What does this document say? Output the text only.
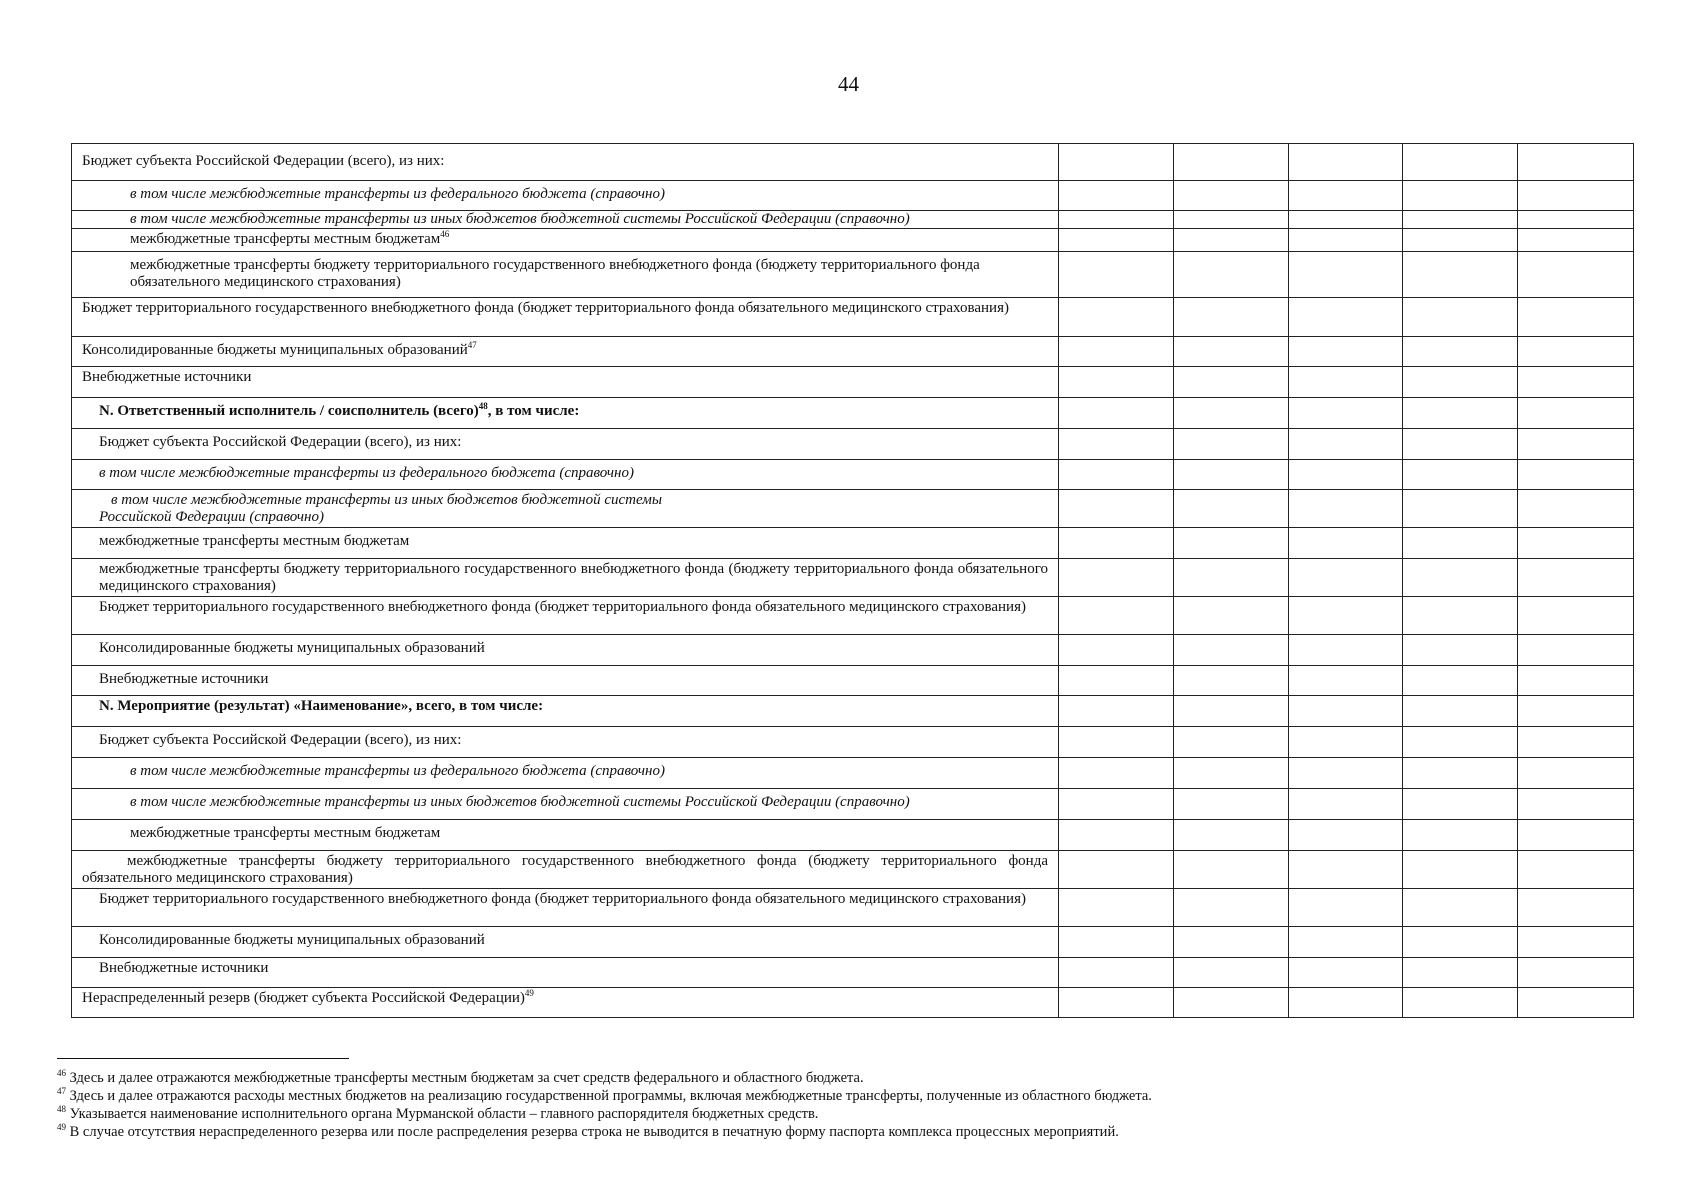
44
Бюджет субъекта Российской Федерации (всего), из них:					

в том числе межбюджетные трансферты из федерального бюджета (справочно)					

в том числе межбюджетные трансферты из иных бюджетов бюджетной системы Российской Федерации (справочно)					

межбюджетные трансферты местным бюджетам$^{46}$

межбюджетные трансферты бюджету территориального государственного внебюджетного фонда (бюджету территориального фонда обязательного медицинского страхования)					

Бюджет территориального государственного внебюджетного фонда (бюджет территориального фонда обязательного медицинского страхования)					

Консолидированные бюджеты муниципальных образований$^{47}$

Внебюджетные источники					

N. Ответственный исполнитель / соисполнитель (всего)$^{48}$, в том числе:					

Бюджет субъекта Российской Федерации (всего), из них:					

в том числе межбюджетные трансферты из федерального бюджета (справочно)					

в том числе межбюджетные трансферты из иных бюджетов бюджетной системы
Российской Федерации (справочно)					

межбюджетные трансферты местным бюджетам					

межбюджетные трансферты бюджету территориального государственного внебюджетного фонда (бюджету территориального фонда обязательного медицинского страхования)					

Бюджет территориального государственного внебюджетного фонда (бюджет территориального фонда обязательного медицинского страхования)					

Консолидированные бюджеты муниципальных образований					

Внебюджетные источники					

N. Мероприятие (результат) «Наименование», всего, в том числе:					

Бюджет субъекта Российской Федерации (всего), из них:					

в том числе межбюджетные трансферты из федерального бюджета (справочно)					

в том числе межбюджетные трансферты из иных бюджетов бюджетной системы Российской Федерации (справочно)					

межбюджетные трансферты местным бюджетам					

межбюджетные трансферты бюджету территориального государственного внебюджетного фонда (бюджету территориального фонда обязательного медицинского страхования)					

Бюджет территориального государственного внебюджетного фонда (бюджет территориального фонда обязательного медицинского страхования)					

Консолидированные бюджеты муниципальных образований					

Внебюджетные источники					

Нераспределенный резерв (бюджет субъекта Российской Федерации)$^{49}$

$^{46}$ Здесь и далее отражаются межбюджетные трансферты местным бюджетам за счет средств федерального и областного бюджета.
$^{47}$ Здесь и далее отражаются расходы местных бюджетов на реализацию государственной программы, включая межбюджетные трансферты, полученные из областного бюджета.
$^{48}$ Указывается наименование исполнительного органа Мурманской области – главного распорядителя бюджетных средств.
$^{49}$ В случае отсутствия нераспределенного резерва или после распределения резерва строка не выводится в печатную форму паспорта комплекса процессных мероприятий.
